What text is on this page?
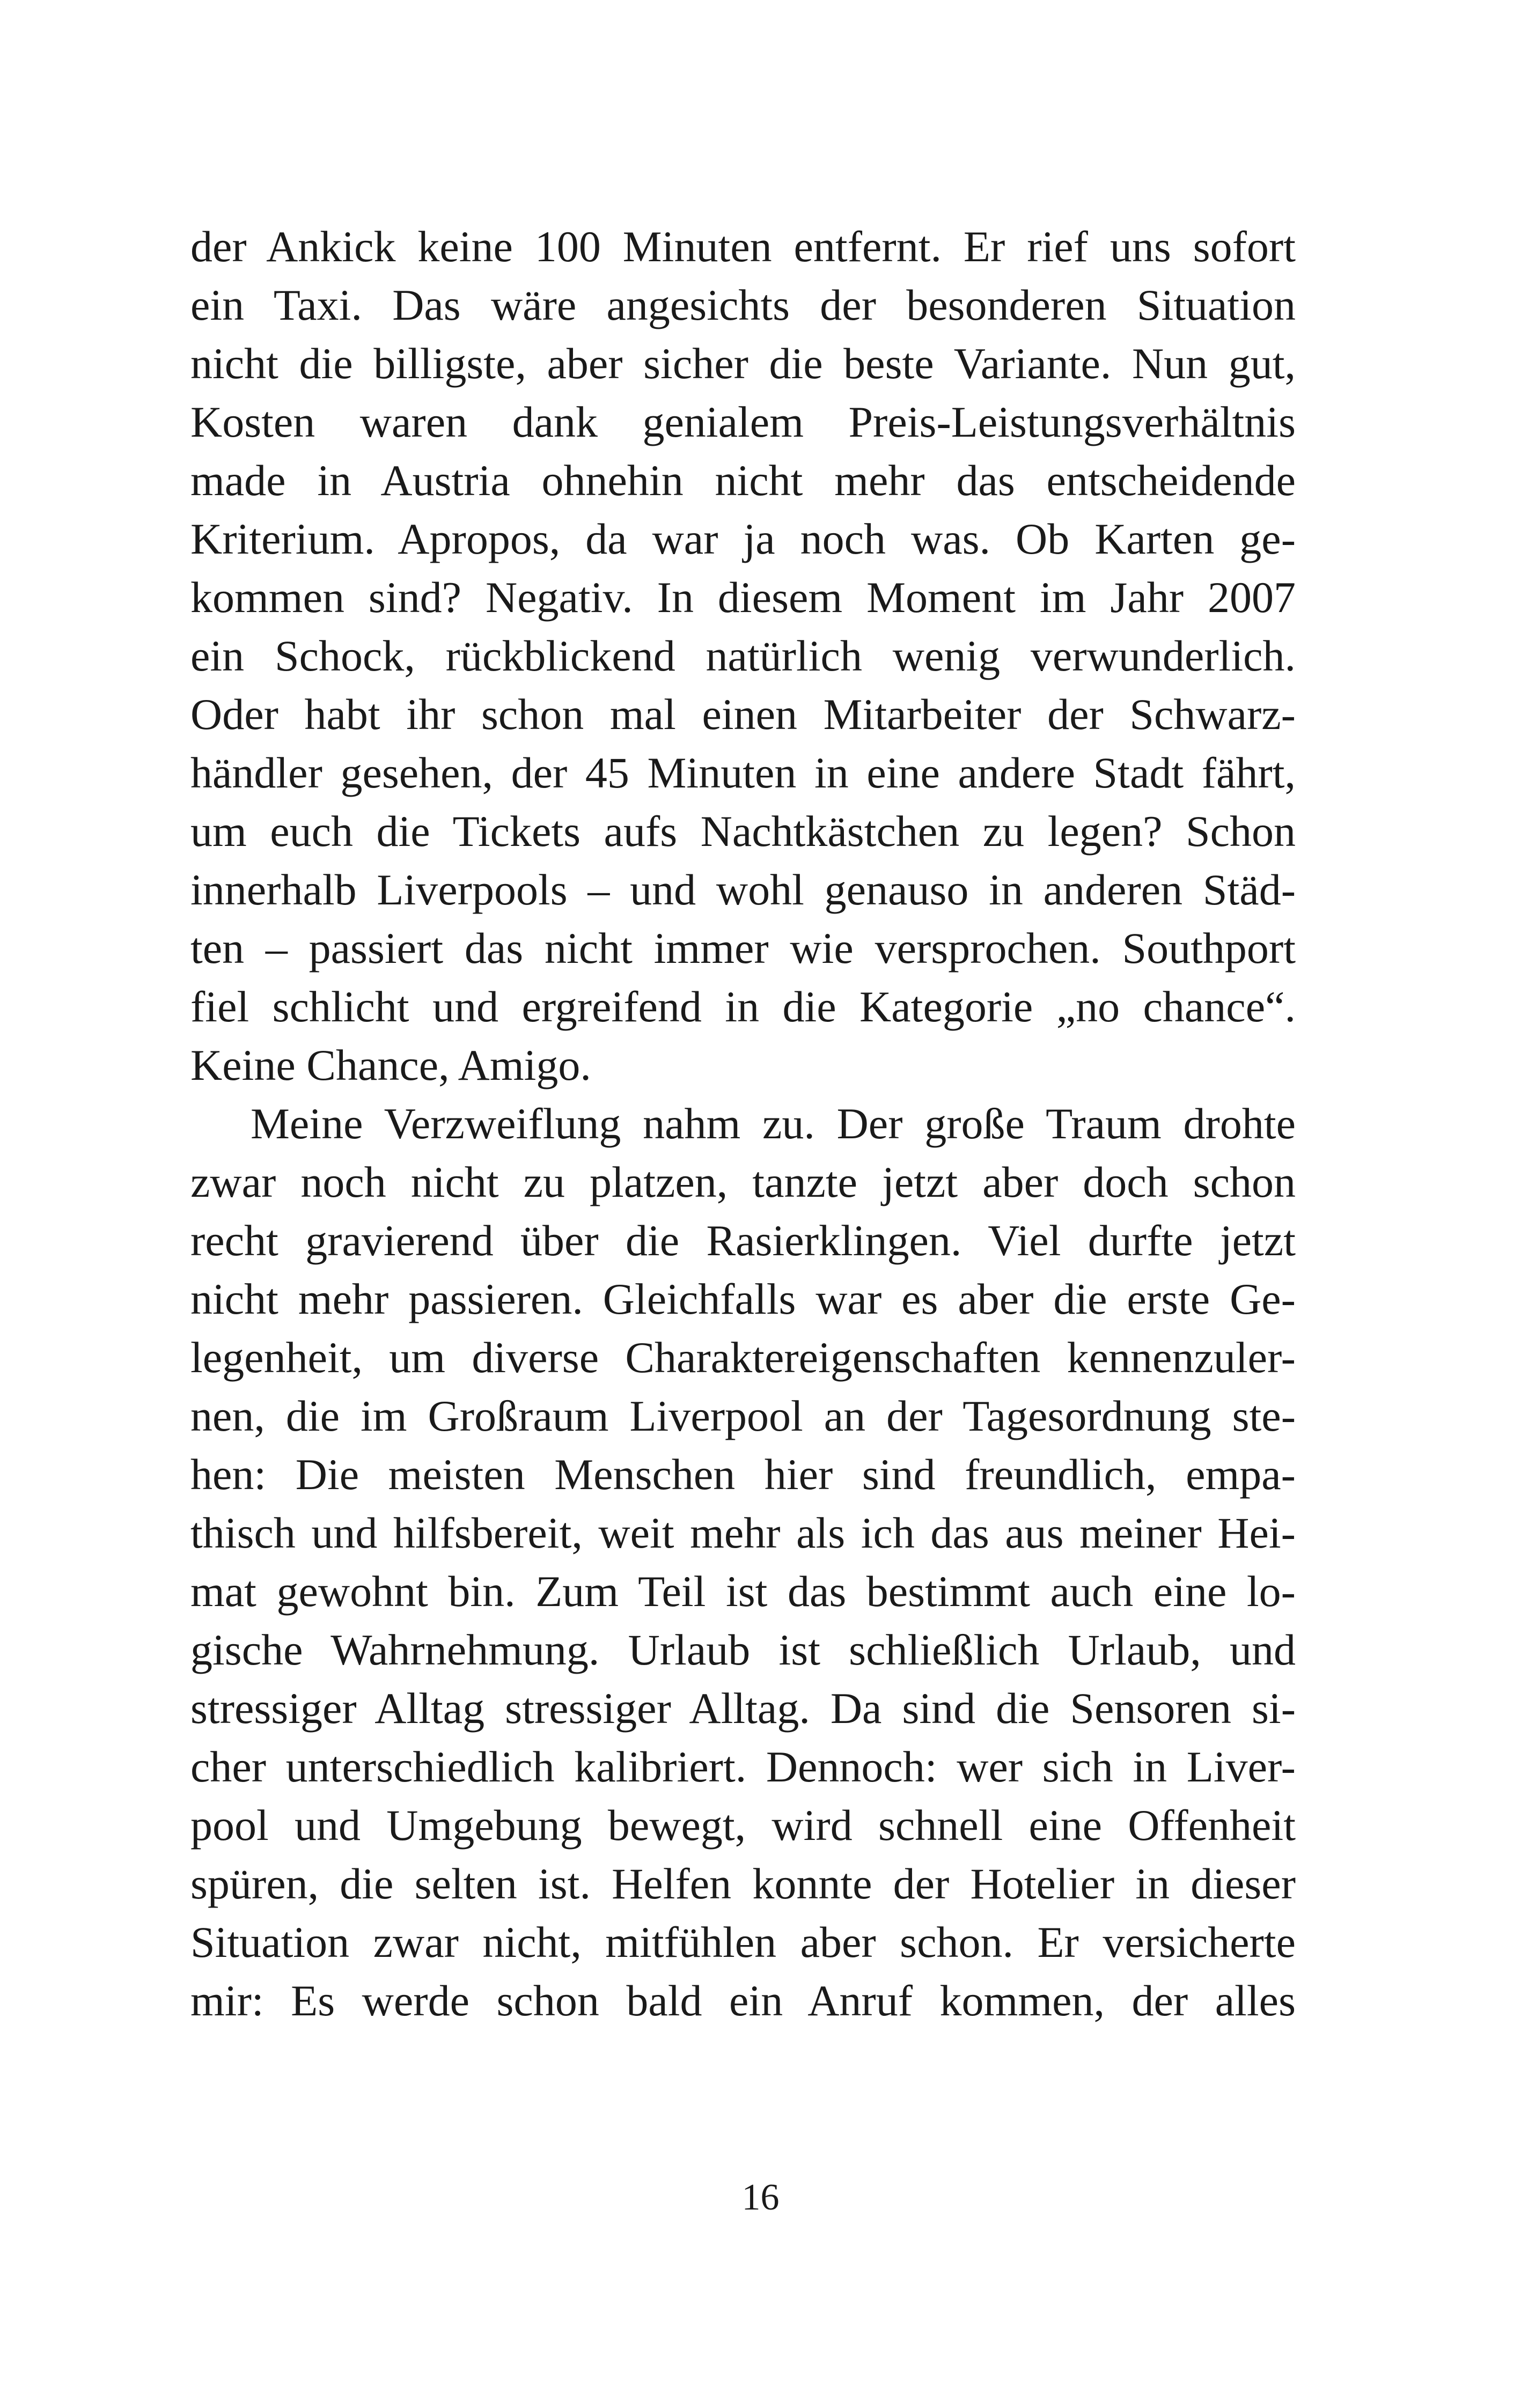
der Ankick keine 100 Minuten entfernt. Er rief uns sofort
ein Taxi. Das wäre angesichts der besonderen Situation
nicht die billigste, aber sicher die beste Variante. Nun gut,
Kosten waren dank genialem Preis-Leistungsverhältnis
made in Austria ohnehin nicht mehr das entscheidende
Kriterium. Apropos, da war ja noch was. Ob Karten ge-
kommen sind? Negativ. In diesem Moment im Jahr 2007
ein Schock, rückblickend natürlich wenig verwunderlich.
Oder habt ihr schon mal einen Mitarbeiter der Schwarz-
händler gesehen, der 45 Minuten in eine andere Stadt fährt,
um euch die Tickets aufs Nachtkästchen zu legen? Schon
innerhalb Liverpools – und wohl genauso in anderen Städ-
ten – passiert das nicht immer wie versprochen. Southport
fiel schlicht und ergreifend in die Kategorie „no chance“.
Keine Chance, Amigo.
Meine Verzweiflung nahm zu. Der große Traum drohte
zwar noch nicht zu platzen, tanzte jetzt aber doch schon
recht gravierend über die Rasierklingen. Viel durfte jetzt
nicht mehr passieren. Gleichfalls war es aber die erste Ge-
legenheit, um diverse Charaktereigenschaften kennenzuler-
nen, die im Großraum Liverpool an der Tagesordnung ste-
hen: Die meisten Menschen hier sind freundlich, empa-
thisch und hilfsbereit, weit mehr als ich das aus meiner Hei-
mat gewohnt bin. Zum Teil ist das bestimmt auch eine lo-
gische Wahrnehmung. Urlaub ist schließlich Urlaub, und
stressiger Alltag stressiger Alltag. Da sind die Sensoren si-
cher unterschiedlich kalibriert. Dennoch: wer sich in Liver-
pool und Umgebung bewegt, wird schnell eine Offenheit
spüren, die selten ist. Helfen konnte der Hotelier in dieser
Situation zwar nicht, mitfühlen aber schon. Er versicherte
mir: Es werde schon bald ein Anruf kommen, der alles
16
